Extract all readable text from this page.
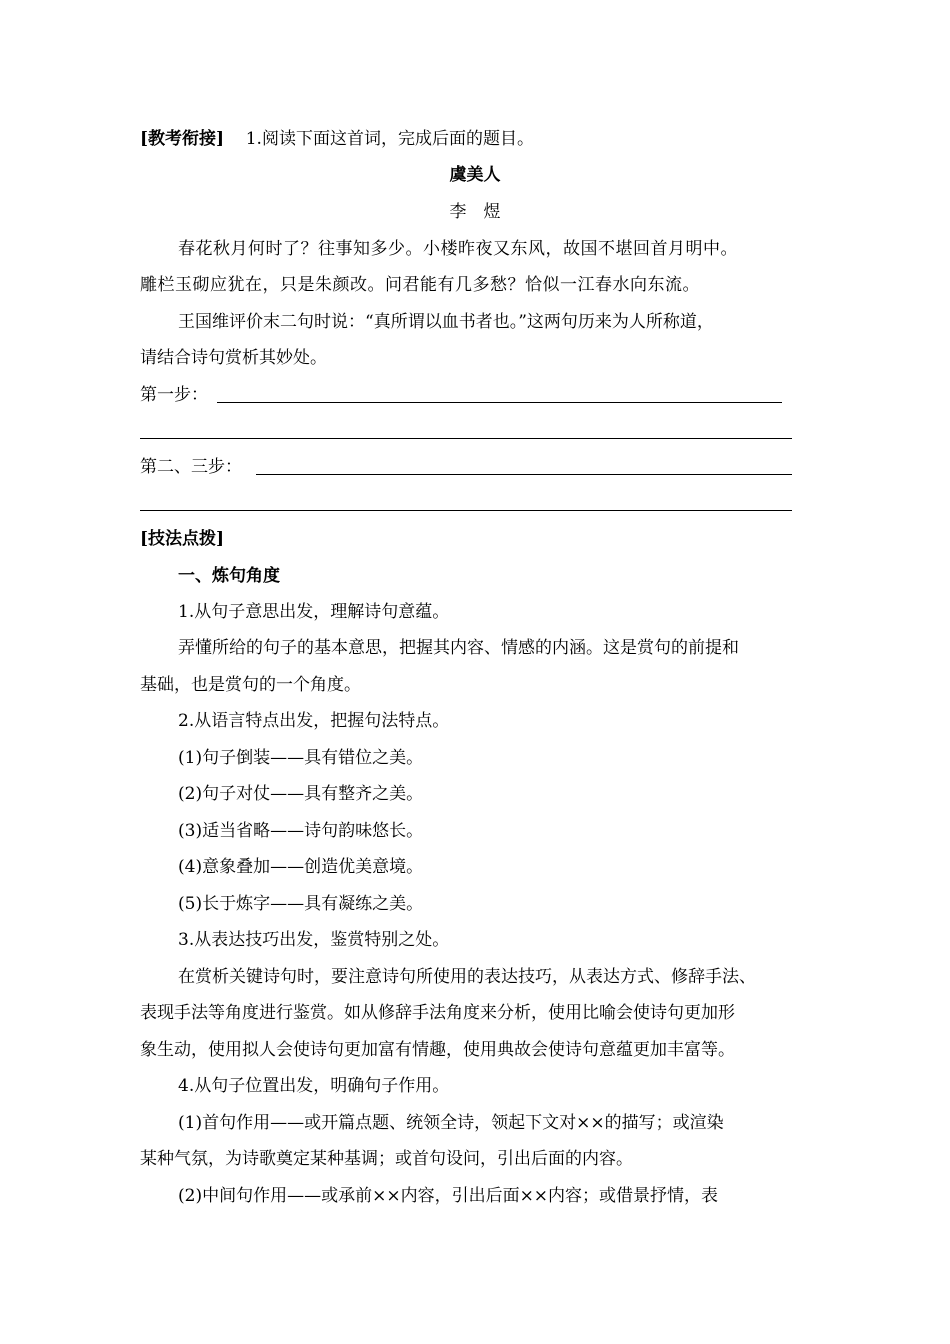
[教考衔接] 1.阅读下面这首词，完成后面的题目。
虞美人
李　煜
春花秋月何时了？往事知多少。小楼昨夜又东风，故国不堪回首月明中。
雕栏玉砌应犹在，只是朱颜改。问君能有几多愁？恰似一江春水向东流。
王国维评价末二句时说：“真所谓以血书者也。”这两句历来为人所称道，
请结合诗句赏析其妙处。
第一步：
第二、三步：
[技法点拨]
一、炼句角度
1.从句子意思出发，理解诗句意蕴。
弄懂所给的句子的基本意思，把握其内容、情感的内涵。这是赏句的前提和
基础，也是赏句的一个角度。
2.从语言特点出发，把握句法特点。
(1)句子倒装——具有错位之美。
(2)句子对仗——具有整齐之美。
(3)适当省略——诗句韵味悠长。
(4)意象叠加——创造优美意境。
(5)长于炼字——具有凝练之美。
3.从表达技巧出发，鉴赏特别之处。
在赏析关键诗句时，要注意诗句所使用的表达技巧，从表达方式、修辞手法、
表现手法等角度进行鉴赏。如从修辞手法角度来分析，使用比喻会使诗句更加形
象生动，使用拟人会使诗句更加富有情趣，使用典故会使诗句意蕴更加丰富等。
4.从句子位置出发，明确句子作用。
(1)首句作用——或开篇点题、统领全诗，领起下文对××的描写；或渲染
某种气氛，为诗歌奠定某种基调；或首句设问，引出后面的内容。
(2)中间句作用——或承前××内容，引出后面××内容；或借景抒情，表
